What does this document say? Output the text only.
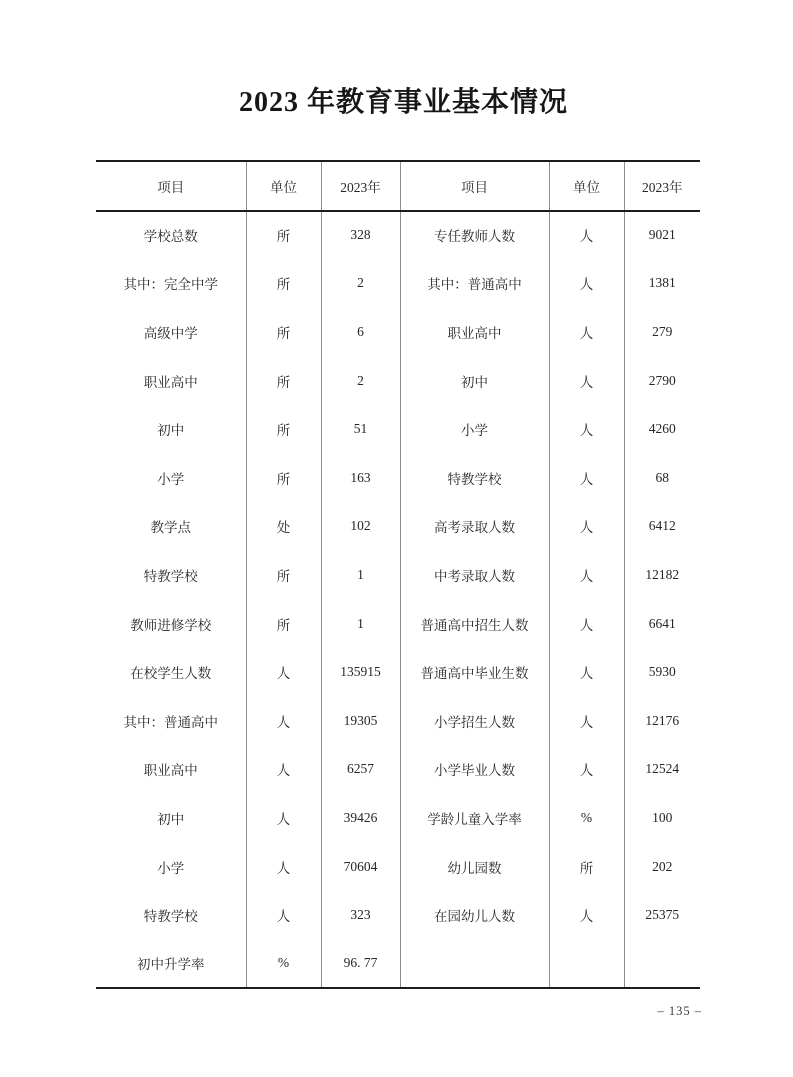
2023 年教育事业基本情况
项目	单位	2023年	项目	单位	2023年
学校总数	所	328	专任教师人数	人	9021
其中：完全中学	所	2	其中：普通高中	人	1381
高级中学	所	6	职业高中	人	279
职业高中	所	2	初中	人	2790
初中	所	51	小学	人	4260
小学	所	163	特教学校	人	68
教学点	处	102	高考录取人数	人	6412
特教学校	所	1	中考录取人数	人	12182
教师进修学校	所	1	普通高中招生人数	人	6641
在校学生人数	人	135915	普通高中毕业生数	人	5930
其中：普通高中	人	19305	小学招生人数	人	12176
职业高中	人	6257	小学毕业人数	人	12524
初中	人	39426	学龄儿童入学率	%	100
小学	人	70604	幼儿园数	所	202
特教学校	人	323	在园幼儿人数	人	25375
初中升学率	%	96. 77			
– 135 –
